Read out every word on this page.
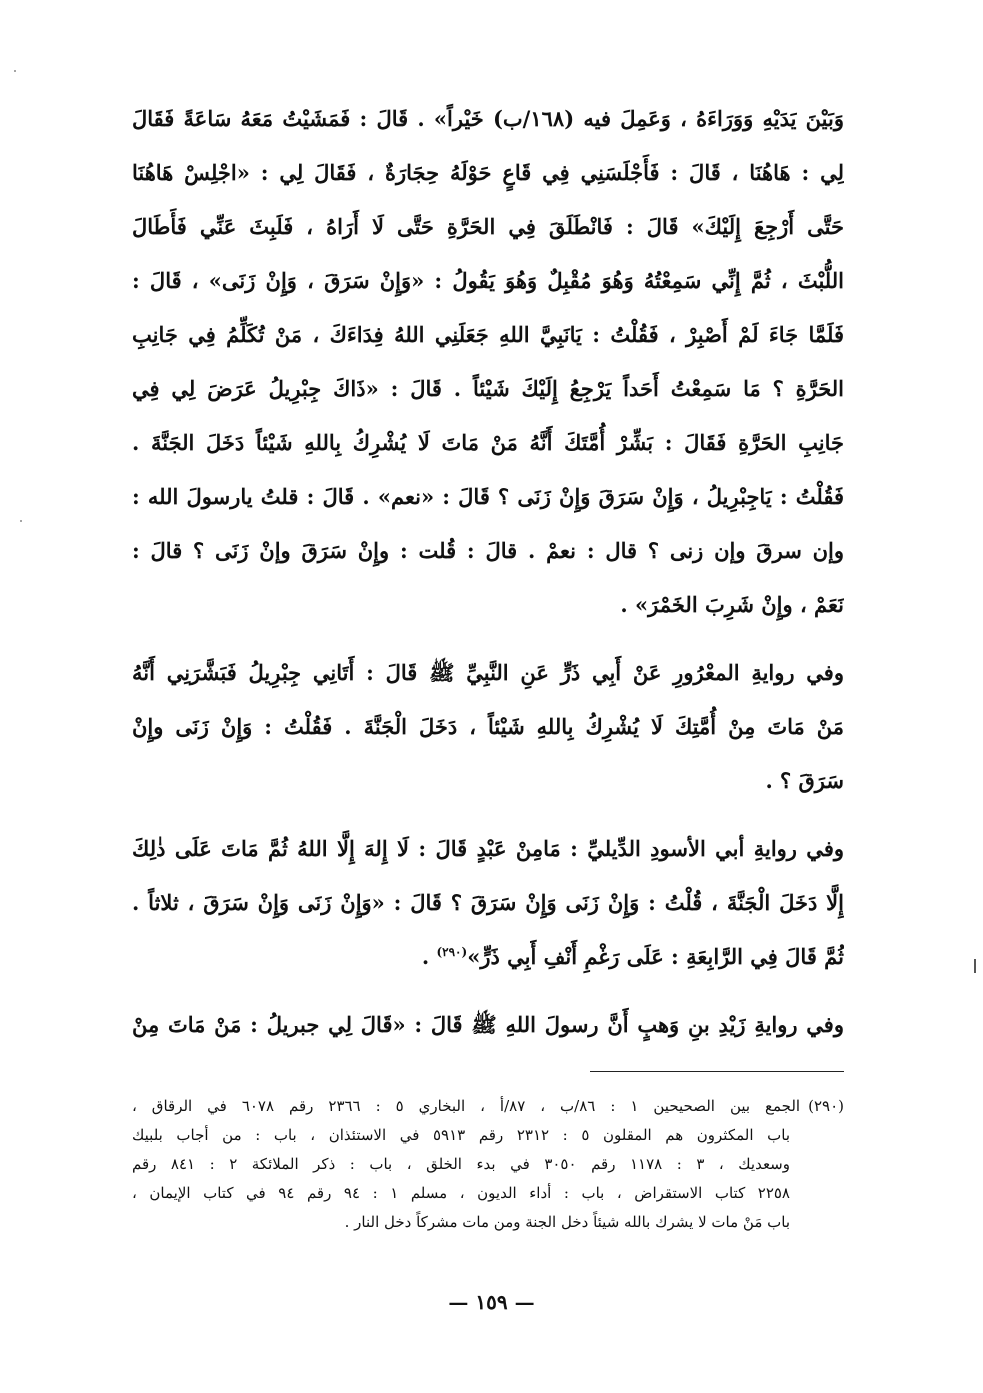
وَبَيْنَ يَدَيْهِ وَوَرَاءَهُ ، وَعَمِلَ فيه (١٦٨/ب) خَيْراً» . قَالَ : فَمَشَيْتُ مَعَهُ سَاعَةً فَقَالَ
لِي : هَاهُنَا ، قَالَ : فَأَجْلَسَنِي فِي قَاعٍ حَوْلَهُ حِجَارَةٌ ، فَقَالَ لِي : «اجْلِسْ هَاهُنَا
حَتَّى أَرْجِعَ إِلَيْكَ» قَالَ : فَانْطَلَقَ فِي الحَرَّةِ حَتَّى لَا أَرَاهُ ، فَلَبِثَ عَنِّي فَأَطَالَ
اللُّبْثَ ، ثُمَّ إِنِّي سَمِعْتُهُ وَهُوَ مُقْبِلٌ وَهُوَ يَقُولُ : «وَإِنْ سَرَقَ ، وَإِنْ زَنَى» ، قَالَ :
فَلَمَّا جَاءَ لَمْ أَصْبِرْ ، فَقُلْتُ : يَانَبِيَّ اللهِ جَعَلَنِي اللهُ فِدَاءَكَ ، مَنْ تُكَلِّمُ فِي جَانِبِ
الحَرَّةِ ؟ مَا سَمِعْتُ أَحَداً يَرْجِعُ إِلَيْكَ شَيْئاً . قَالَ : «ذَاكَ جِبْرِيلُ عَرَضَ لِي فِي
جَانِبِ الحَرَّةِ فَقَالَ : بَشِّرْ أُمَّتَكَ أَنَّهُ مَنْ مَاتَ لَا يُشْرِكُ بِاللهِ شَيْئاً دَخَلَ الجَنَّةَ .
فَقُلْتُ : يَاجِبْرِيلُ ، وَإِنْ سَرَقَ وَإِنْ زَنَى ؟ قَالَ : «نعم» . قَالَ : قلتُ يارسولَ الله :
وإن سرقَ وإن زنى ؟ قال : نعمْ . قالَ : قُلت : وإِنْ سَرَقَ وإنْ زَنَى ؟ قالَ :
نَعَمْ ، وإِنْ شَرِبَ الخَمْرَ» .
وفي روايةِ المعْرُورِ عَنْ أَبِي ذَرٍّ عَنِ النَّبِيِّ ﷺ قَالَ : أَتَانِي جِبْرِيلُ فَبَشَّرَنِي أَنَّهُ
مَنْ مَاتَ مِنْ أُمَّتِكَ لَا يُشْرِكُ بِاللهِ شَيْئاً ، دَخَلَ الْجَنَّةَ . فَقُلْتُ : وَإِنْ زَنَى وإِنْ
سَرَقَ ؟ .
وفي روايةِ أبي الأسودِ الدِّيليِّ : مَامِنْ عَبْدٍ قَالَ : لَا إِلهَ إِلَّا اللهُ ثُمَّ مَاتَ عَلَى ذٰلِكَ
إِلَّا دَخَلَ الْجَنَّةَ ، قُلْتُ : وَإِنْ زَنَى وَإِنْ سَرَقَ ؟ قَالَ : «وَإِنْ زَنَى وَإِنْ سَرَقَ ، ثلاثاً .
ثُمَّ قَالَ فِي الرَّابِعَةِ : عَلَى رَغْمِ أَنْفِ أَبِي ذَرٍّ»$^{(٢٩٠)}$ .
وفي روايةِ زَيْدِ بنِ وَهبٍ أَنَّ رسولَ اللهِ ﷺ قَالَ : «قَالَ لِي جبريلُ : مَنْ مَاتَ مِنْ
(٢٩٠)الجمع بين الصحيحين ١ : ٨٦/ب ، ٨٧/أ ، البخاري ٥ : ٢٣٦٦ رقم ٦٠٧٨ في الرقاق ،
باب المكثرون هم المقلون ٥ : ٢٣١٢ رقم ٥٩١٣ في الاستئذان ، باب : من أجاب بلبيك
وسعديك ، ٣ : ١١٧٨ رقم ٣٠٥٠ في بدء الخلق ، باب : ذكر الملائكة ٢ : ٨٤١ رقم
٢٢٥٨ كتاب الاستقراض ، باب : أداء الديون ، مسلم ١ : ٩٤ رقم ٩٤ في كتاب الإيمان ،
باب مَنْ مات لا يشرك بالله شيئاً دخل الجنة ومن مات مشركاً دخل النار .
— ١٥٩ —
